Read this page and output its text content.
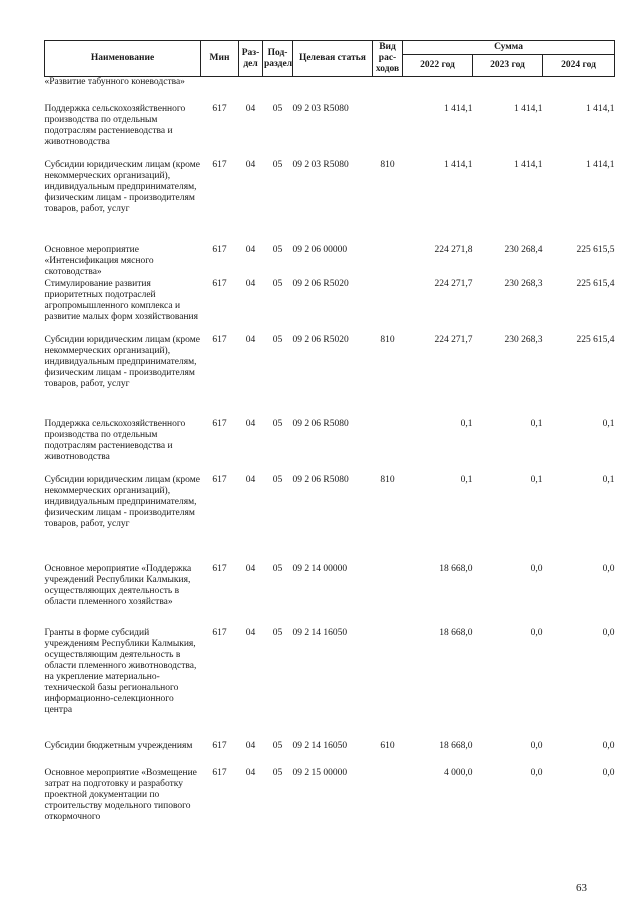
Наименование	Мин	Раз-дел	Под-раздел	Целевая статья	Вид рас-ходов	Сумма		
						2022 год	2023 год	2024 год
«Развитие табунного коневодства»								
Поддержка сельскохозяйственного производства по отдельным подотраслям растениеводства и животноводства	617	04	05	09 2 03 R5080		1 414,1	1 414,1	1 414,1
Субсидии юридическим лицам (кроме некоммерческих организаций), индивидуальным предпринимателям, физическим лицам - производителям товаров, работ, услуг	617	04	05	09 2 03 R5080	810	1 414,1	1 414,1	1 414,1
Основное мероприятие «Интенсификация мясного скотоводства»	617	04	05	09 2 06 00000		224 271,8	230 268,4	225 615,5
Стимулирование развития приоритетных подотраслей агропромышленного комплекса и развитие малых форм хозяйствования	617	04	05	09 2 06 R5020		224 271,7	230 268,3	225 615,4
Субсидии юридическим лицам (кроме некоммерческих организаций), индивидуальным предпринимателям, физическим лицам - производителям товаров, работ, услуг	617	04	05	09 2 06 R5020	810	224 271,7	230 268,3	225 615,4
Поддержка сельскохозяйственного производства по отдельным подотраслям растениеводства и животноводства	617	04	05	09 2 06 R5080		0,1	0,1	0,1
Субсидии юридическим лицам (кроме некоммерческих организаций), индивидуальным предпринимателям, физическим лицам - производителям товаров, работ, услуг	617	04	05	09 2 06 R5080	810	0,1	0,1	0,1
Основное мероприятие «Поддержка учреждений Республики Калмыкия, осуществляющих деятельность в области племенного хозяйства»	617	04	05	09 2 14 00000		18 668,0	0,0	0,0
Гранты в форме субсидий учреждениям Республики Калмыкия, осуществляющим деятельность в области племенного животноводства, на укрепление материально-технической базы регионального информационно-селекционного центра	617	04	05	09 2 14 16050		18 668,0	0,0	0,0
Субсидии бюджетным учреждениям	617	04	05	09 2 14 16050	610	18 668,0	0,0	0,0
Основное мероприятие «Возмещение затрат на подготовку и разработку проектной документации по строительству модельного типового откормочного	617	04	05	09 2 15 00000		4 000,0	0,0	0,0
63
